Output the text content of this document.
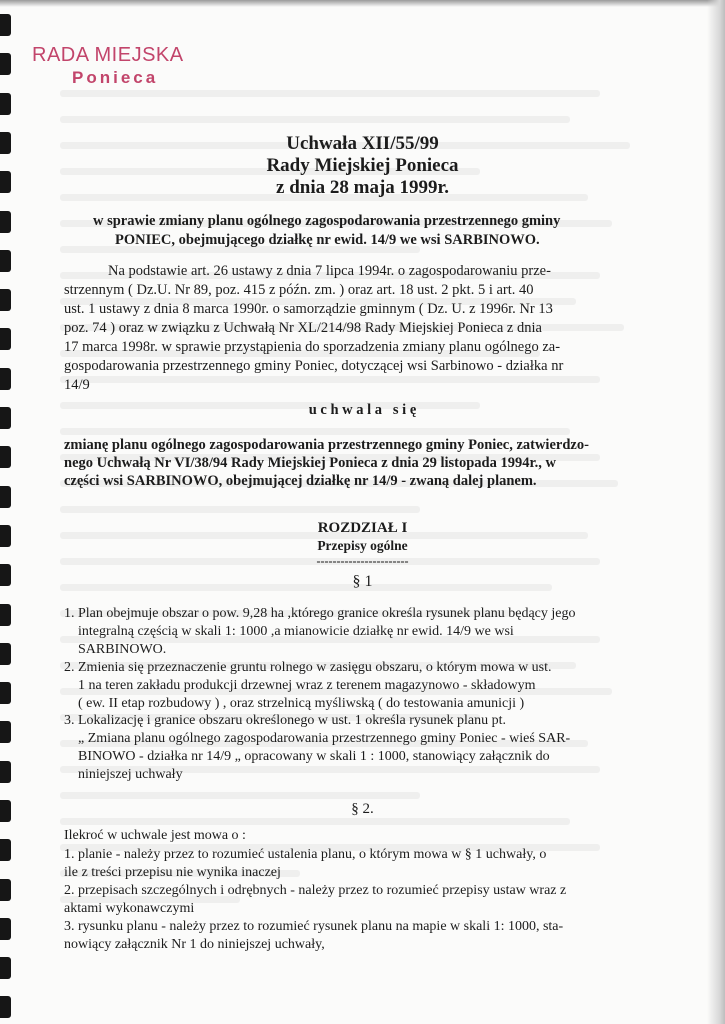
RADA MIEJSKA
Ponieca
Uchwała XII/55/99
Rady Miejskiej Ponieca
z dnia 28 maja 1999r.
w sprawie zmiany planu ogólnego zagospodarowania przestrzennego gminy
PONIEC, obejmującego działkę nr ewid. 14/9 we wsi SARBINOWO.
Na podstawie art. 26 ustawy z dnia 7 lipca 1994r. o zagospodarowaniu prze-
strzennym ( Dz.U. Nr 89, poz. 415 z późn. zm. ) oraz art. 18 ust. 2 pkt. 5 i art. 40
ust. 1 ustawy z dnia 8 marca 1990r. o samorządzie gminnym ( Dz. U. z 1996r. Nr 13
poz. 74 ) oraz w związku z Uchwałą Nr XL/214/98 Rady Miejskiej Ponieca z dnia
17 marca 1998r. w sprawie przystąpienia do sporzadzenia zmiany planu ogólnego za-
gospodarowania przestrzennego gminy Poniec, dotyczącej wsi Sarbinowo - działka nr
14/9
u c h w a l a   s i ę
zmianę planu ogólnego zagospodarowania przestrzennego gminy Poniec, zatwierdzo-
nego Uchwałą Nr VI/38/94 Rady Miejskiej Ponieca z dnia 29 listopada 1994r., w
części wsi SARBINOWO, obejmującej działkę nr 14/9 - zwaną dalej planem.
ROZDZIAŁ I
Przepisy ogólne
-----------------------
§ 1
1. Plan obejmuje obszar o pow. 9,28 ha ,którego granice określa rysunek planu będący jego
integralną częścią w skali 1: 1000 ,a mianowicie działkę nr ewid. 14/9 we wsi
SARBINOWO.
2. Zmienia się przeznaczenie gruntu rolnego w zasięgu obszaru, o którym mowa w ust.
1 na teren zakładu produkcji drzewnej wraz z terenem magazynowo - składowym
( ew. II etap rozbudowy ) , oraz strzelnicą myśliwską ( do testowania amunicji )
3. Lokalizację i granice obszaru określonego w ust. 1 określa rysunek planu pt.
„ Zmiana planu ogólnego zagospodarowania przestrzennego gminy Poniec - wieś SAR-
BINOWO - działka nr 14/9 „ opracowany w skali 1 : 1000, stanowiący załącznik do
niniejszej uchwały
§ 2.
Ilekroć w uchwale jest mowa o :
1. planie - należy przez to rozumieć ustalenia planu, o którym mowa w § 1 uchwały, o
ile z treści przepisu nie wynika inaczej
2. przepisach szczególnych i odrębnych - należy przez to rozumieć przepisy ustaw wraz z
aktami wykonawczymi
3. rysunku planu - należy przez to rozumieć rysunek planu na mapie w skali 1: 1000, sta-
nowiący załącznik Nr 1 do niniejszej uchwały,
